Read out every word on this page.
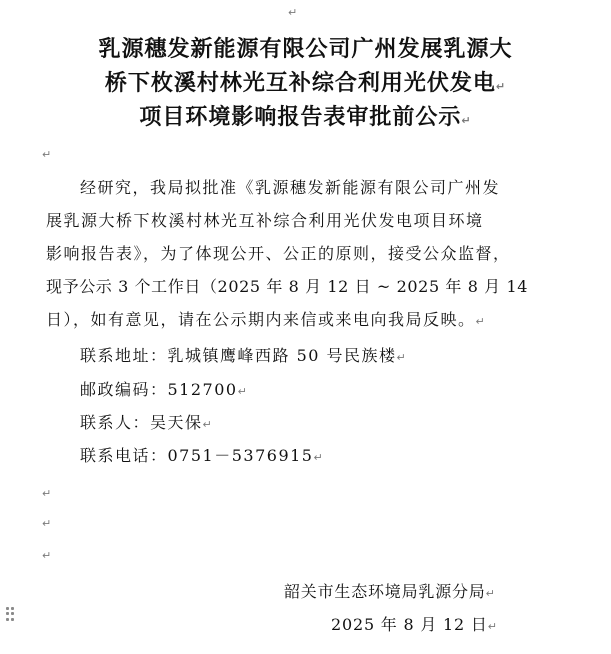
↵
乳源穗发新能源有限公司广州发展乳源大
桥下枚溪村林光互补综合利用光伏发电↵
项目环境影响报告表审批前公示↵
↵
经研究，我局拟批准《乳源穗发新能源有限公司广州发
展乳源大桥下枚溪村林光互补综合利用光伏发电项目环境
影响报告表》，为了体现公开、公正的原则，接受公众监督，
现予公示 3 个工作日（2025 年 8 月 12 日 ~ 2025 年 8 月 14
日），如有意见，请在公示期内来信或来电向我局反映。↵
联系地址：乳城镇鹰峰西路 50 号民族楼↵
邮政编码：512700↵
联系人：吴天保↵
联系电话：0751－5376915↵
↵
↵
↵
韶关市生态环境局乳源分局↵
2025 年 8 月 12 日↵
